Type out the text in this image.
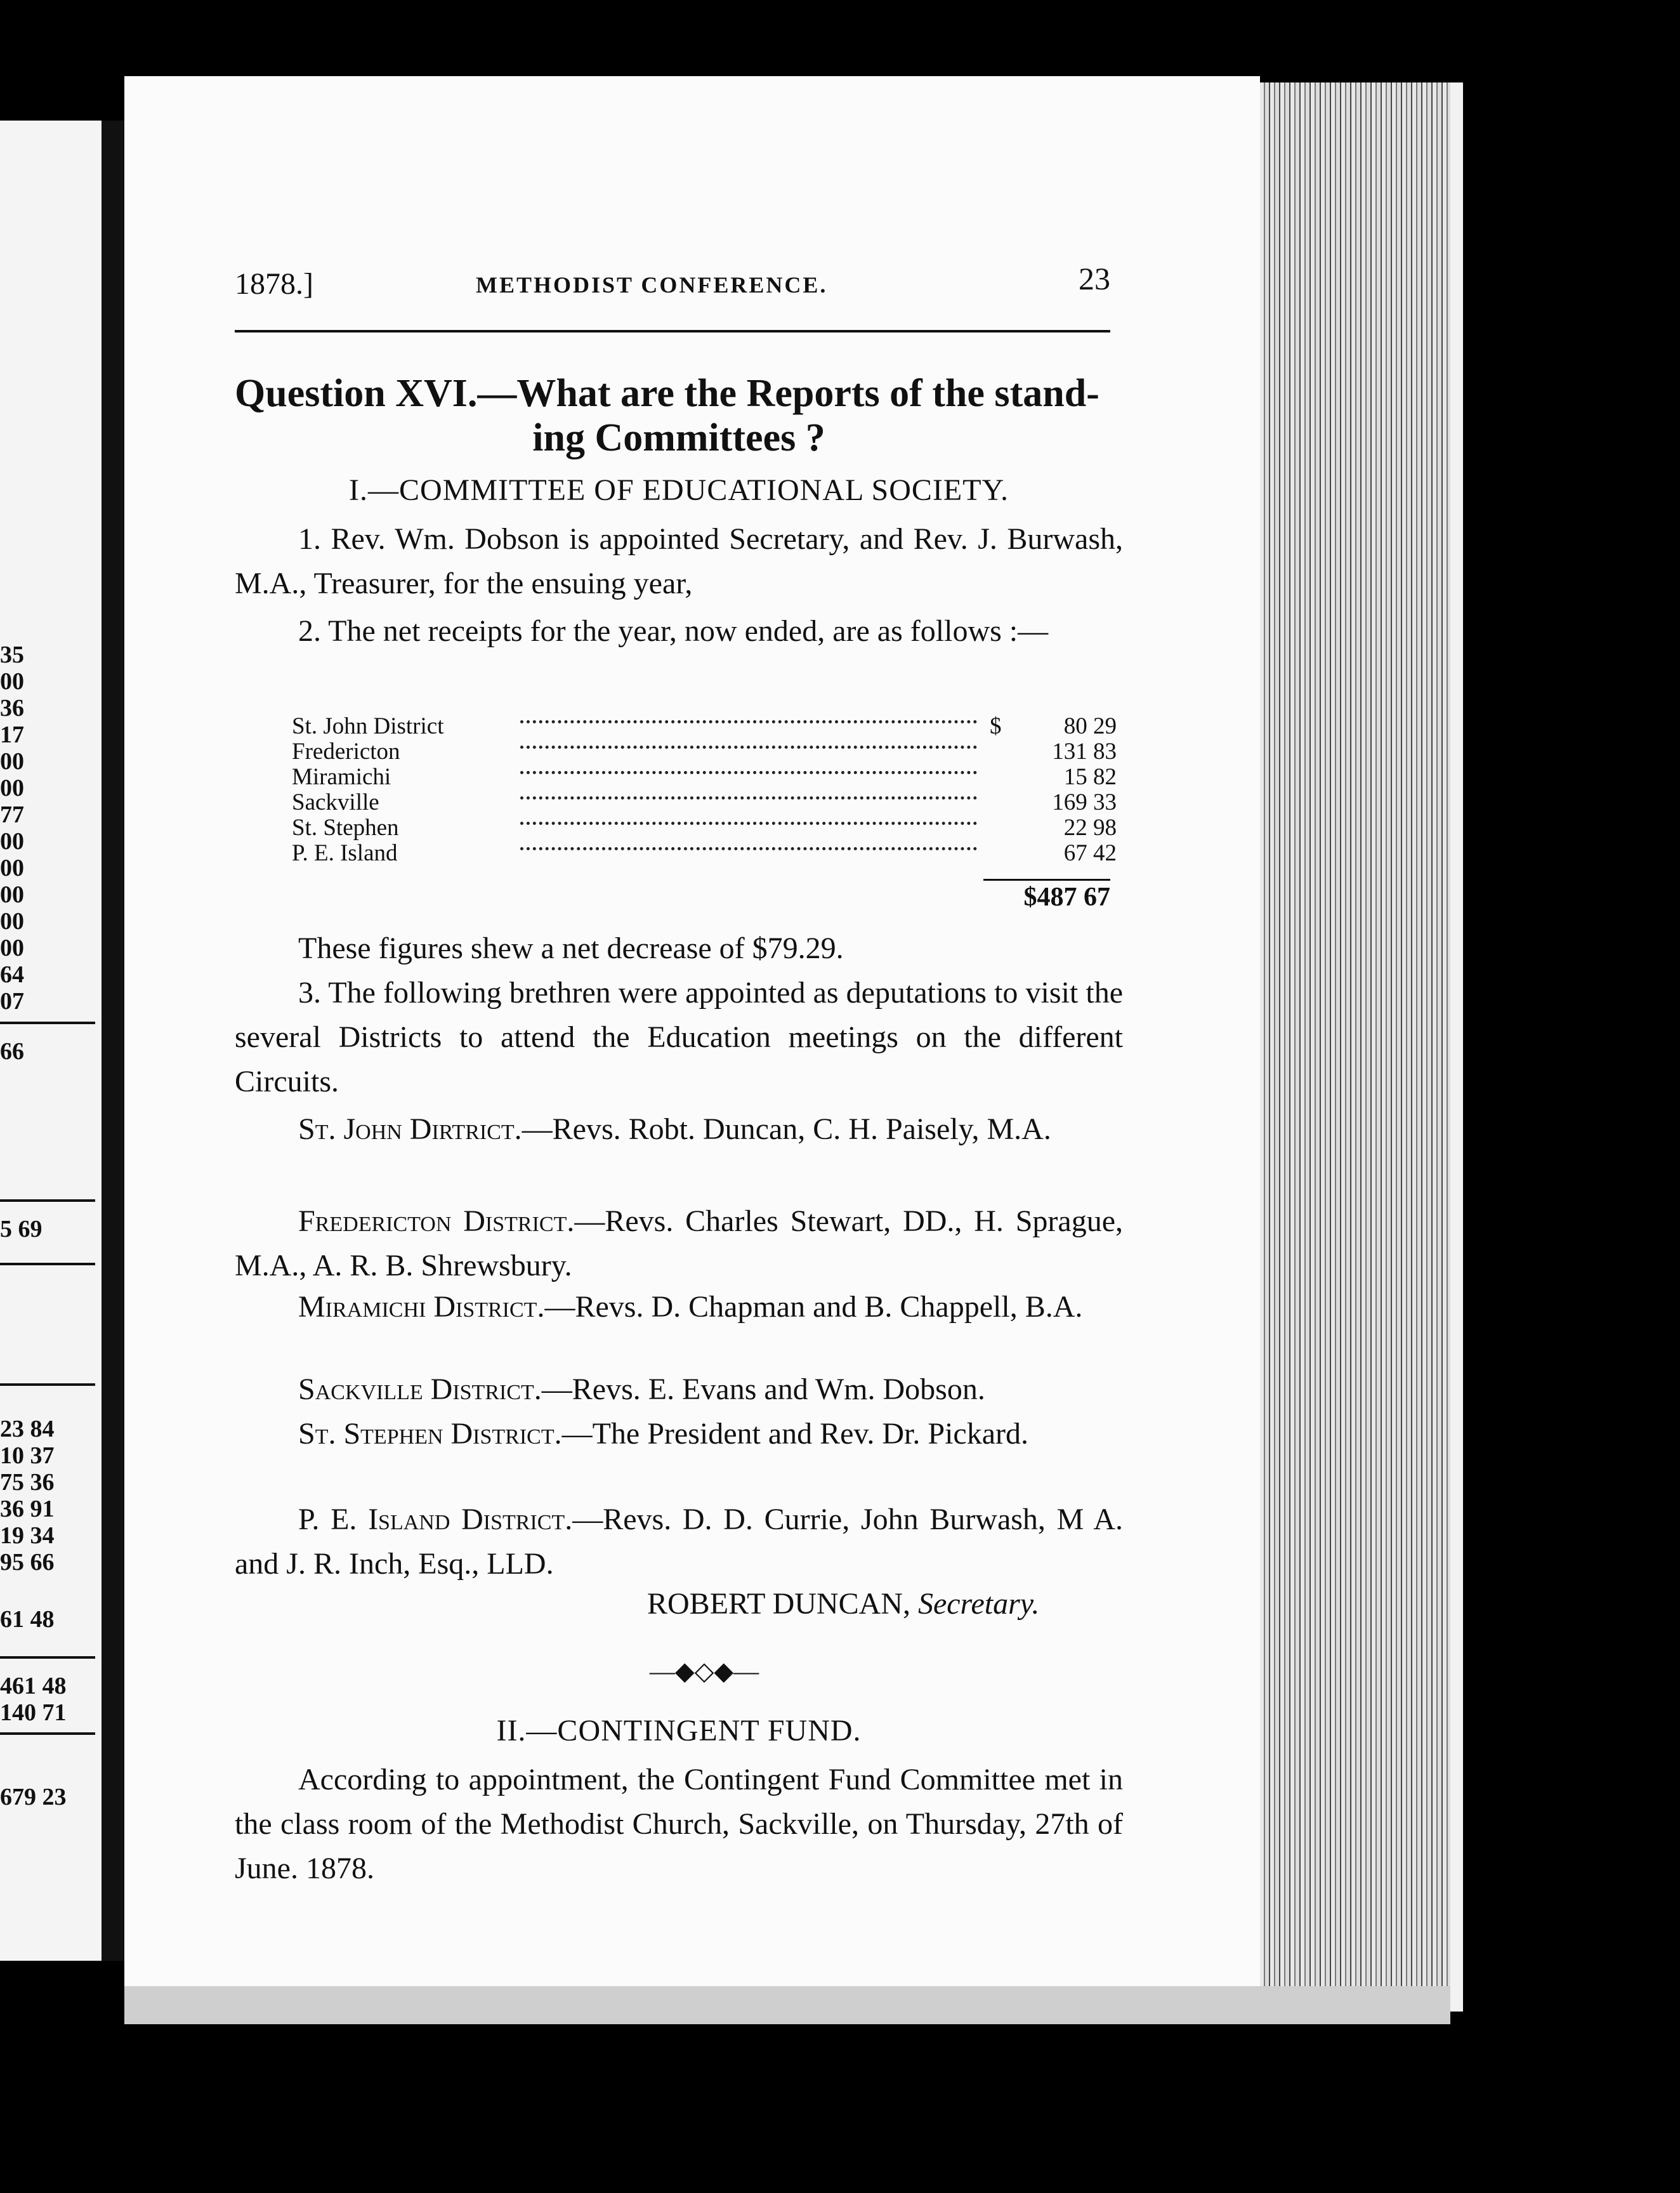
35
00
36
17
00
00
77
00
00
00
00
00
64
07
66
5 69
23 84
10 37
75 36
36 91
19 34
95 66
61 48
461 48
140 71
679 23
1878.]	METHODIST CONFERENCE.	23
Question XVI.—What are the Reports of the stand-
ing Committees ?
I.—COMMITTEE OF EDUCATIONAL SOCIETY.
1. Rev. Wm. Dobson is appointed Secretary, and Rev. J. Burwash, M.A., Treasurer, for the ensuing year,
2. The net receipts for the year, now ended, are as follows :—
St. John District	$	80 29
Fredericton	131 83
Miramichi	15 82
Sackville	169 33
St. Stephen	22 98
P. E. Island	67 42
$487 67
These figures shew a net decrease of $79.29.
3. The following brethren were appointed as deputations to visit the several Districts to attend the Education meetings on the different Circuits.
St. John Dirtrict.—Revs. Robt. Duncan, C. H. Paisely, M.A.
Fredericton District.—Revs. Charles Stewart, DD., H. Sprague, M.A., A. R. B. Shrewsbury.
Miramichi District.—Revs. D. Chapman and B. Chappell, B.A.
Sackville District.—Revs. E. Evans and Wm. Dobson.
St. Stephen District.—The President and Rev. Dr. Pickard.
P. E. Island District.—Revs. D. D. Currie, John Burwash, M A. and J. R. Inch, Esq., LLD.
ROBERT DUNCAN, Secretary.
—◆◇◆—
II.—CONTINGENT FUND.
According to appointment, the Contingent Fund Committee met in the class room of the Methodist Church, Sackville, on Thursday, 27th of June. 1878.
